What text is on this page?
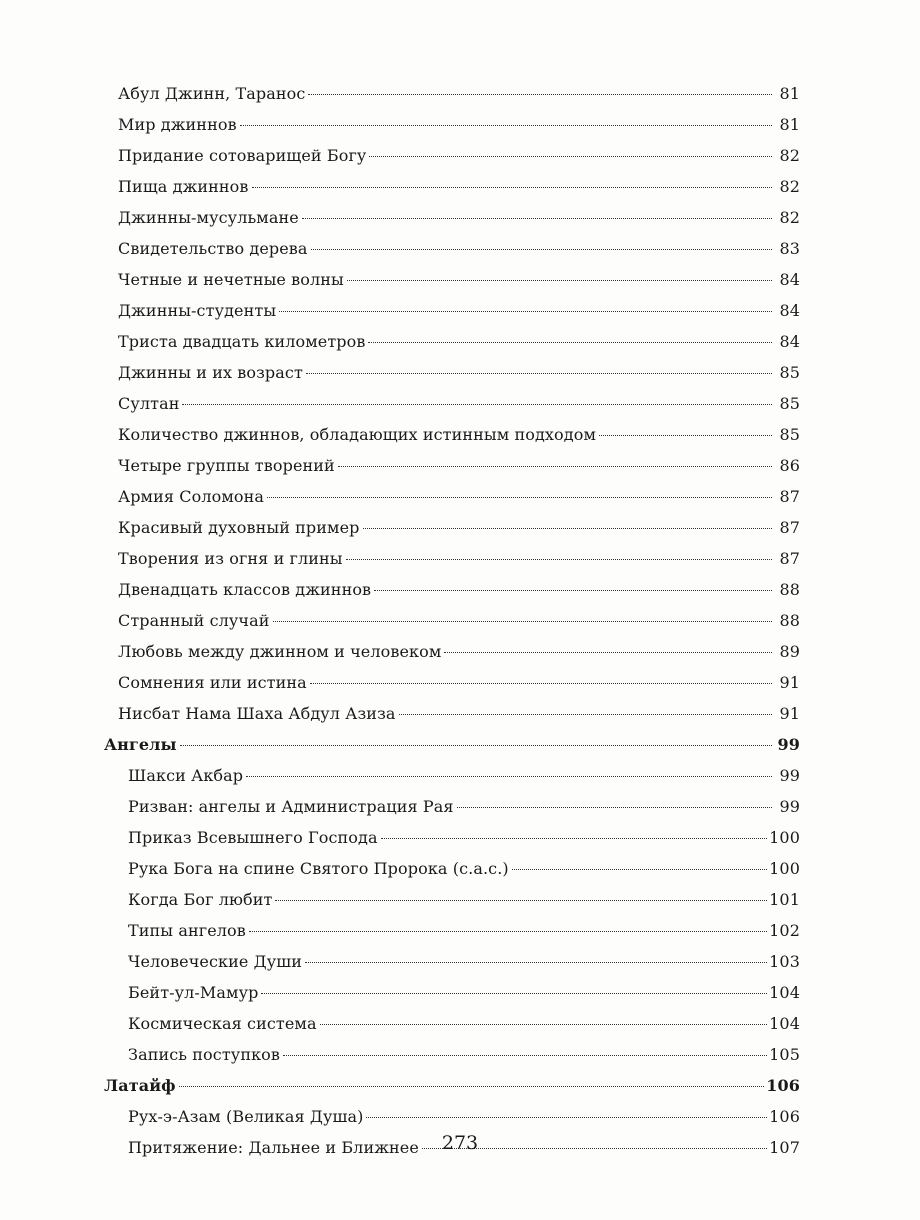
Абул Джинн, Таранос	81
Мир джиннов	81
Придание сотоварищей Богу	82
Пища джиннов	82
Джинны-мусульмане	82
Свидетельство дерева	83
Четные и нечетные волны	84
Джинны-студенты	84
Триста двадцать километров	84
Джинны и их возраст	85
Султан	85
Количество джиннов, обладающих истинным подходом	85
Четыре группы творений	86
Армия Соломона	87
Красивый духовный пример	87
Творения из огня и глины	87
Двенадцать классов джиннов	88
Странный случай	88
Любовь между джинном и человеком	89
Сомнения или истина	91
Нисбат Нама Шаха Абдул Азиза	91
Ангелы	99
Шакси Акбар	99
Ризван: ангелы и Администрация Рая	99
Приказ Всевышнего Господа	100
Рука Бога на спине Святого Пророка (с.а.с.)	100
Когда Бог любит	101
Типы ангелов	102
Человеческие Души	103
Бейт-ул-Мамур	104
Космическая система	104
Запись поступков	105
Латайф	106
Рух-э-Азам (Великая Душа)	106
Притяжение: Дальнее и Ближнее	107
273
